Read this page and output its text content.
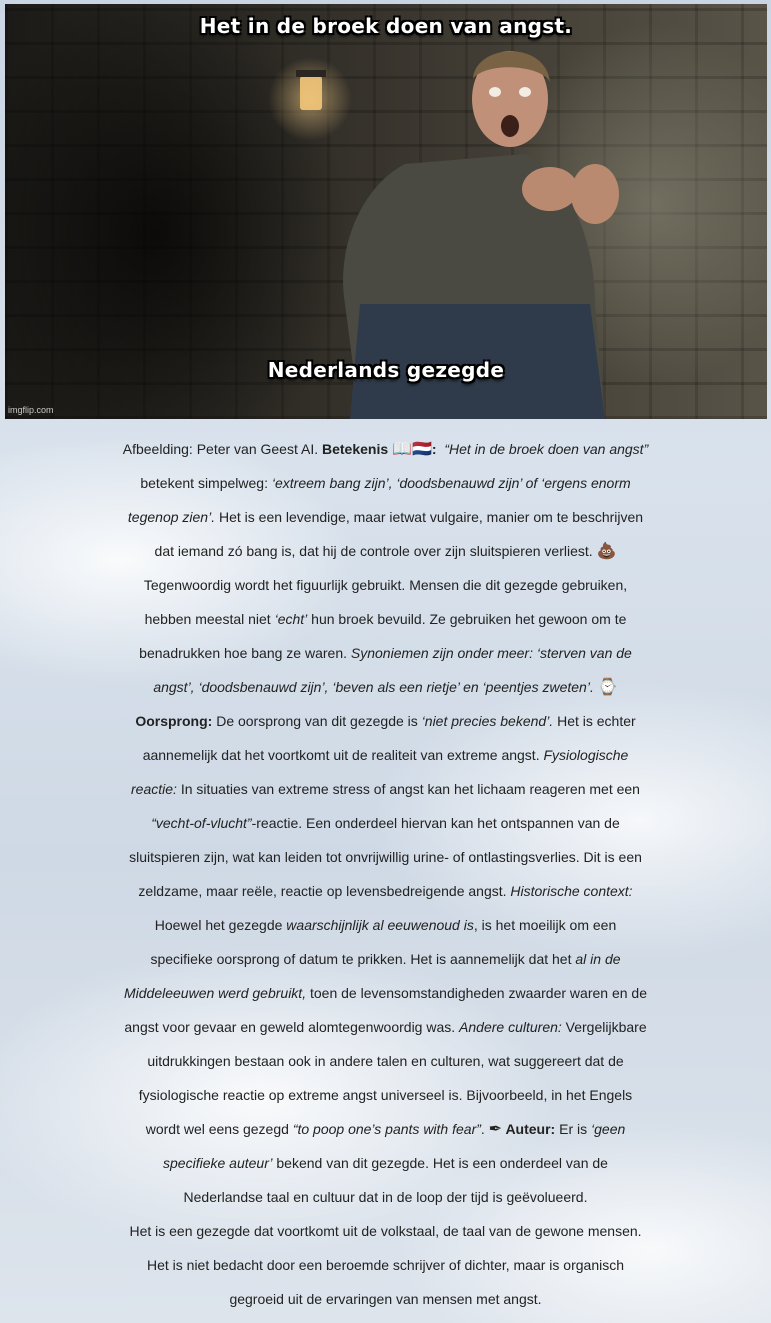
Het in de broek doen van angst.
Nederlands gezegde
imgflip.com
Afbeelding: Peter van Geest AI. Betekenis 📖🇳🇱: “Het in de broek doen van angst”
betekent simpelweg: ‘extreem bang zijn’, ‘doodsbenauwd zijn’ of ‘ergens enorm
tegenop zien’. Het is een levendige, maar ietwat vulgaire, manier om te beschrijven
dat iemand zó bang is, dat hij de controle over zijn sluitspieren verliest. 💩
Tegenwoordig wordt het figuurlijk gebruikt. Mensen die dit gezegde gebruiken,
hebben meestal niet ‘echt’ hun broek bevuild. Ze gebruiken het gewoon om te
benadrukken hoe bang ze waren. Synoniemen zijn onder meer: ‘sterven van de
angst’, ‘doodsbenauwd zijn’, ‘beven als een rietje’ en ‘peentjes zweten’. ⌚
Oorsprong: De oorsprong van dit gezegde is ‘niet precies bekend’. Het is echter
aannemelijk dat het voortkomt uit de realiteit van extreme angst. Fysiologische
reactie: In situaties van extreme stress of angst kan het lichaam reageren met een
“vecht-of-vlucht”-reactie. Een onderdeel hiervan kan het ontspannen van de
sluitspieren zijn, wat kan leiden tot onvrijwillig urine- of ontlastingsverlies. Dit is een
zeldzame, maar reële, reactie op levensbedreigende angst. Historische context:
Hoewel het gezegde waarschijnlijk al eeuwenoud is, is het moeilijk om een
specifieke oorsprong of datum te prikken. Het is aannemelijk dat het al in de
Middeleeuwen werd gebruikt, toen de levensomstandigheden zwaarder waren en de
angst voor gevaar en geweld alomtegenwoordig was. Andere culturen: Vergelijkbare
uitdrukkingen bestaan ook in andere talen en culturen, wat suggereert dat de
fysiologische reactie op extreme angst universeel is. Bijvoorbeeld, in het Engels
wordt wel eens gezegd “to poop one’s pants with fear”. ✒ Auteur: Er is ‘geen
specifieke auteur’ bekend van dit gezegde. Het is een onderdeel van de
Nederlandse taal en cultuur dat in de loop der tijd is geëvolueerd.
Het is een gezegde dat voortkomt uit de volkstaal, de taal van de gewone mensen.
Het is niet bedacht door een beroemde schrijver of dichter, maar is organisch
gegroeid uit de ervaringen van mensen met angst.
